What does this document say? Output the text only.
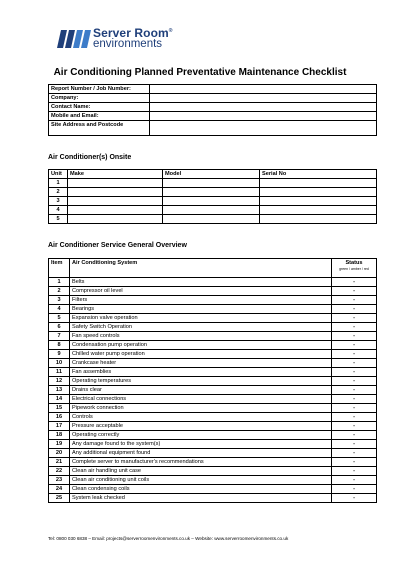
Server Room®
environments
Air Conditioning Planned Preventative Maintenance Checklist
Report Number / Job Number:	
Company:	
Contact Name:	
Mobile and Email:	
Site Address and Postcode	
Air Conditioner(s) Onsite
Unit	Make	Model	Serial No
1			
2			
3			
4			
5			
Air Conditioner Service General Overview
Item	Air Conditioning System	Status
green / amber / red

1	Belts	-
2	Compressor oil level	-
3	Filters	-
4	Bearings	-
5	Expansion valve operation	-
6	Safety Switch Operation	-
7	Fan speed controls	-
8	Condensation pump operation	-
9	Chilled water pump operation	-
10	Crankcase heater	-
11	Fan assemblies	-
12	Operating temperatures	-
13	Drains clear	-
14	Electrical connections	-
15	Pipework connection	-
16	Controls	-
17	Pressure acceptable	-
18	Operating correctly	-
19	Any damage found to the system(s)	-
20	Any additional equipment found	-
21	Complete server to manufacturer's recommendations	-
22	Clean air handling unit case	-
23	Clean air conditioning unit coils	-
24	Clean condensing coils	-
25	System leak checked	-
Tel: 0800 030 6838 – Email: projects@serverroomenvironments.co.uk – Website: www.serverroomenvironments.co.uk
